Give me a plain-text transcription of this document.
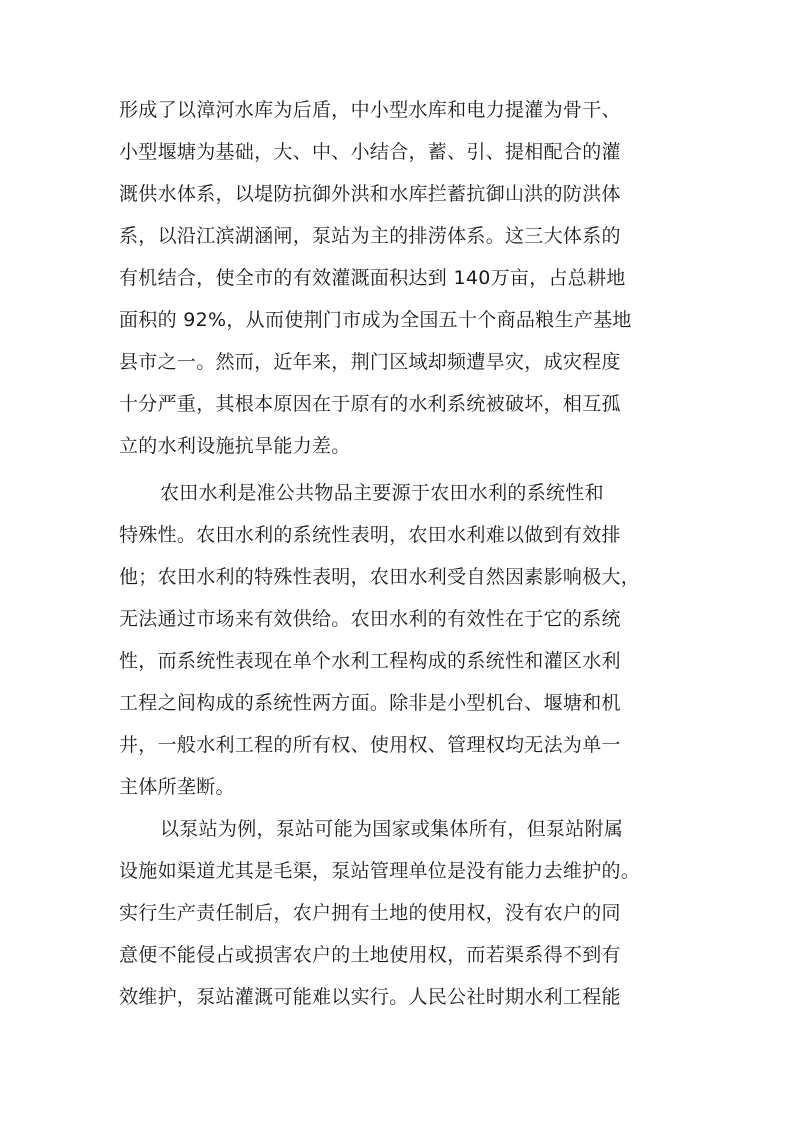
形成了以漳河水库为后盾，中小型水库和电力提灌为骨干、
小型堰塘为基础，大、中、小结合，蓄、引、提相配合的灌
溉供水体系，以堤防抗御外洪和水库拦蓄抗御山洪的防洪体
系，以沿江滨湖涵闸，泵站为主的排涝体系。这三大体系的
有机结合，使全市的有效灌溉面积达到 140万亩，占总耕地
面积的 92%，从而使荆门市成为全国五十个商品粮生产基地
县市之一。然而，近年来，荆门区域却频遭旱灾，成灾程度
十分严重，其根本原因在于原有的水利系统被破坏，相互孤
立的水利设施抗旱能力差。
农田水利是准公共物品主要源于农田水利的系统性和
特殊性。农田水利的系统性表明，农田水利难以做到有效排
他；农田水利的特殊性表明，农田水利受自然因素影响极大，
无法通过市场来有效供给。农田水利的有效性在于它的系统
性，而系统性表现在单个水利工程构成的系统性和灌区水利
工程之间构成的系统性两方面。除非是小型机台、堰塘和机
井，一般水利工程的所有权、使用权、管理权均无法为单一
主体所垄断。
以泵站为例，泵站可能为国家或集体所有，但泵站附属
设施如渠道尤其是毛渠，泵站管理单位是没有能力去维护的。
实行生产责任制后，农户拥有土地的使用权，没有农户的同
意便不能侵占或损害农户的土地使用权，而若渠系得不到有
效维护，泵站灌溉可能难以实行。人民公社时期水利工程能
